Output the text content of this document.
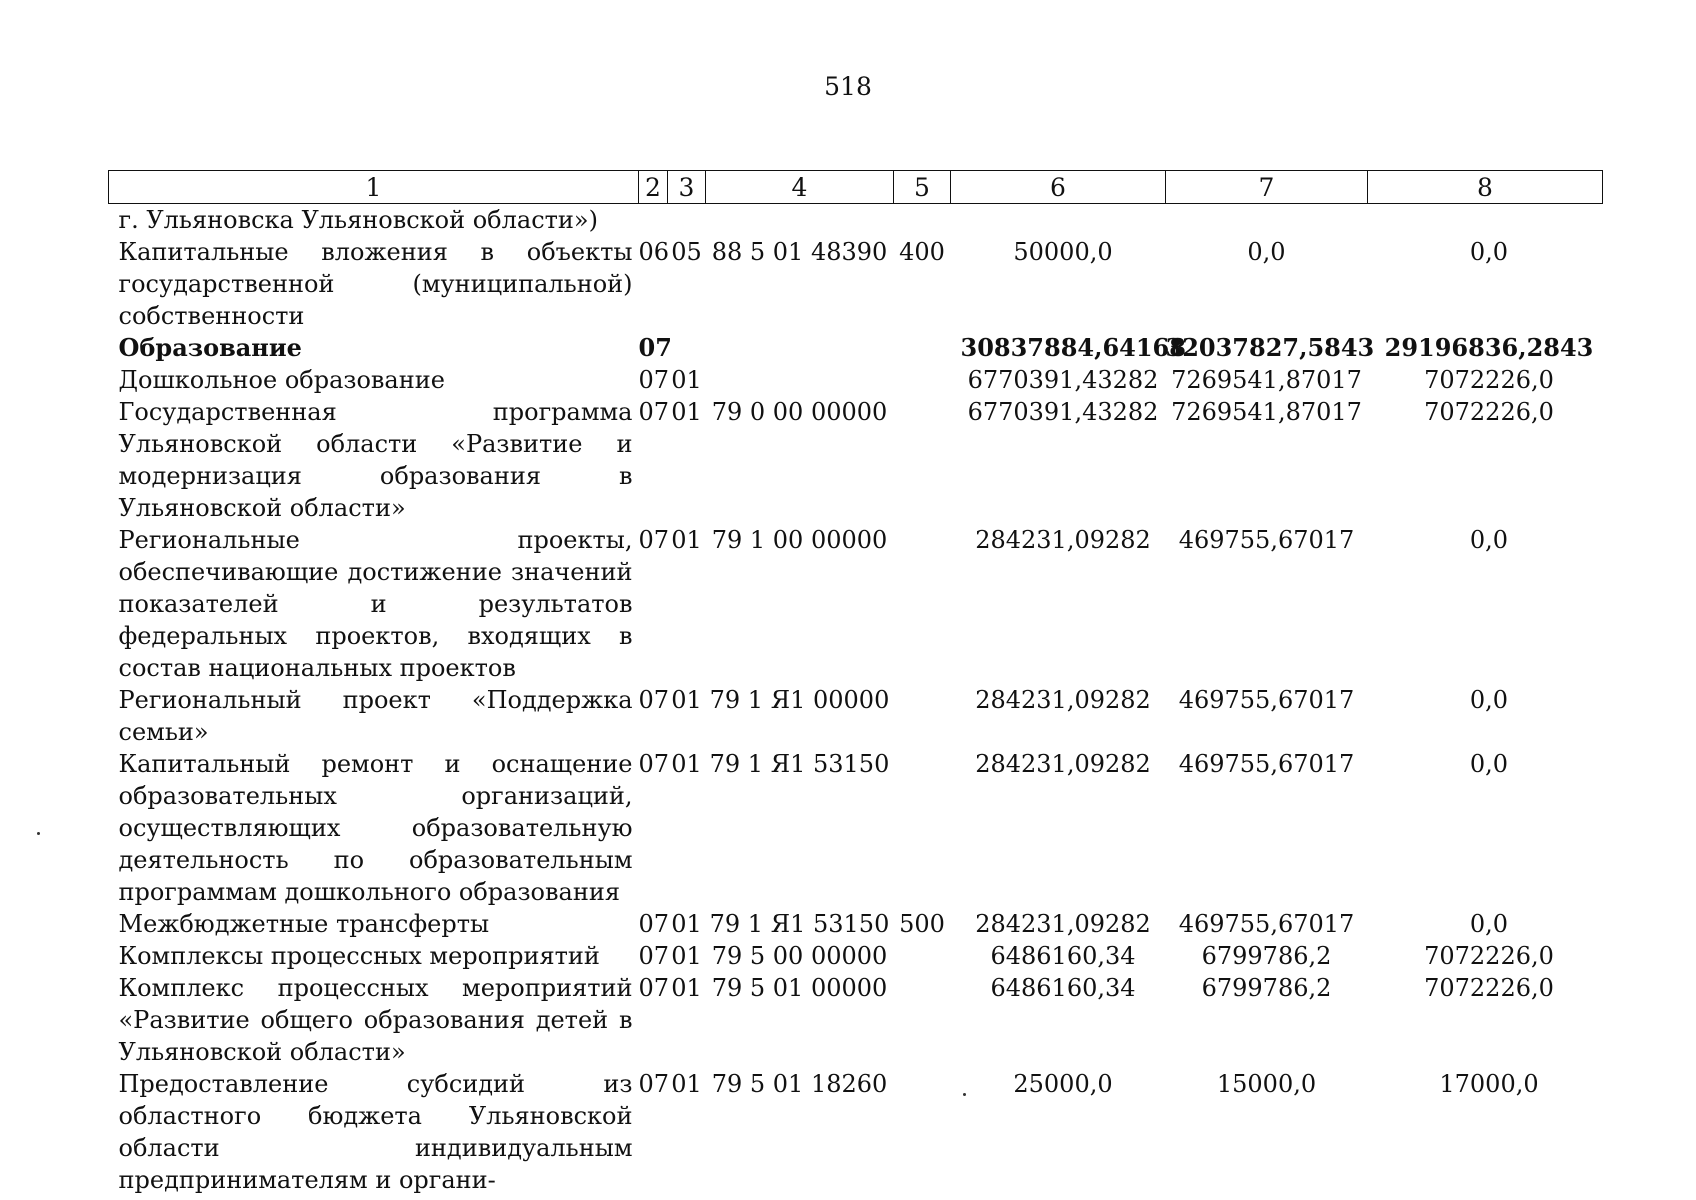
518
1	2	3	4	5	6	7	8
г. Ульяновска Ульяновской области»)							
Капитальные вложения в объекты государственной (муниципальной) собственности	06	05	88 5 01 48390	400	50000,0	0,0	0,0
Образование	07				30837884,64168	32037827,5843	29196836,2843
Дошкольное образование	07	01			6770391,43282	7269541,87017	7072226,0
Государственная программа Ульяновской области «Развитие и модернизация образования в Ульяновской области»	07	01	79 0 00 00000		6770391,43282	7269541,87017	7072226,0
Региональные проекты, обеспечивающие достижение значений показателей и результатов федеральных проектов, входящих в состав национальных проектов	07	01	79 1 00 00000		284231,09282	469755,67017	0,0
Региональный проект «Поддержка семьи»	07	01	79 1 Я1 00000		284231,09282	469755,67017	0,0
Капитальный ремонт и оснащение образовательных организаций, осуществляющих образовательную деятельность по образовательным программам дошкольного образования	07	01	79 1 Я1 53150		284231,09282	469755,67017	0,0
Межбюджетные трансферты	07	01	79 1 Я1 53150	500	284231,09282	469755,67017	0,0
Комплексы процессных мероприятий	07	01	79 5 00 00000		6486160,34	6799786,2	7072226,0
Комплекс процессных мероприятий «Развитие общего образования детей в Ульяновской области»	07	01	79 5 01 00000		6486160,34	6799786,2	7072226,0
Предоставление субсидий из областного бюджета Ульяновской области индивидуальным предпринимателям и органи-	07	01	79 5 01 18260		25000,0	15000,0	17000,0
